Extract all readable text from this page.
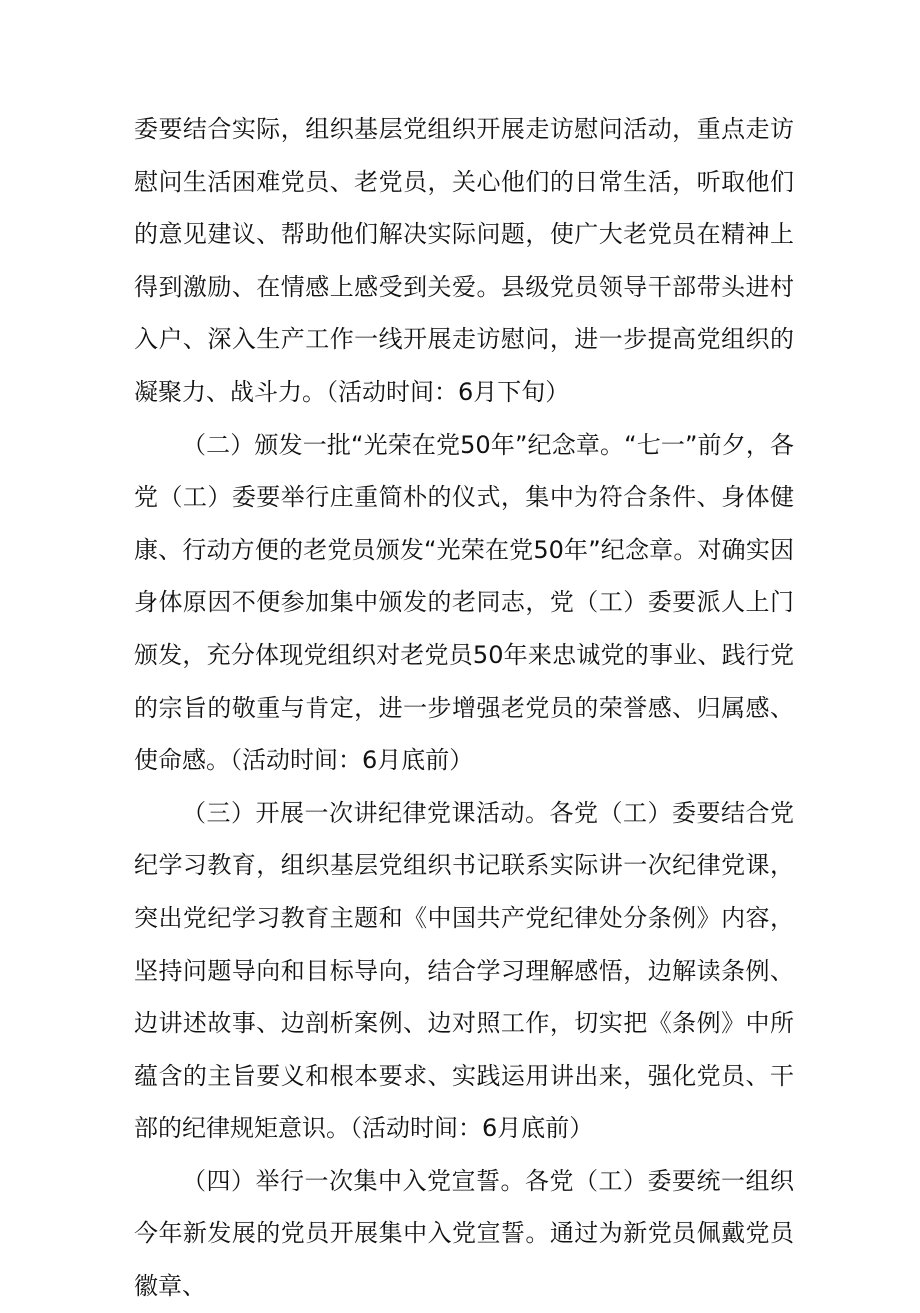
委要结合实际，组织基层党组织开展走访慰问活动，重点走访慰问生活困难党员、老党员，关心他们的日常生活，听取他们的意见建议、帮助他们解决实际问题，使广大老党员在精神上得到激励、在情感上感受到关爱。县级党员领导干部带头进村入户、深入生产工作一线开展走访慰问，进一步提高党组织的凝聚力、战斗力。（活动时间：6月下旬）

（二）颁发一批“光荣在党50年”纪念章。“七一”前夕，各党（工）委要举行庄重简朴的仪式，集中为符合条件、身体健康、行动方便的老党员颁发“光荣在党50年”纪念章。对确实因身体原因不便参加集中颁发的老同志，党（工）委要派人上门颁发，充分体现党组织对老党员50年来忠诚党的事业、践行党的宗旨的敬重与肯定，进一步增强老党员的荣誉感、归属感、使命感。（活动时间：6月底前）

（三）开展一次讲纪律党课活动。各党（工）委要结合党纪学习教育，组织基层党组织书记联系实际讲一次纪律党课，突出党纪学习教育主题和《中国共产党纪律处分条例》内容，坚持问题导向和目标导向，结合学习理解感悟，边解读条例、边讲述故事、边剖析案例、边对照工作，切实把《条例》中所蕴含的主旨要义和根本要求、实践运用讲出来，强化党员、干部的纪律规矩意识。（活动时间：6月底前）

（四）举行一次集中入党宣誓。各党（工）委要统一组织今年新发展的党员开展集中入党宣誓。通过为新党员佩戴党员徽章、
